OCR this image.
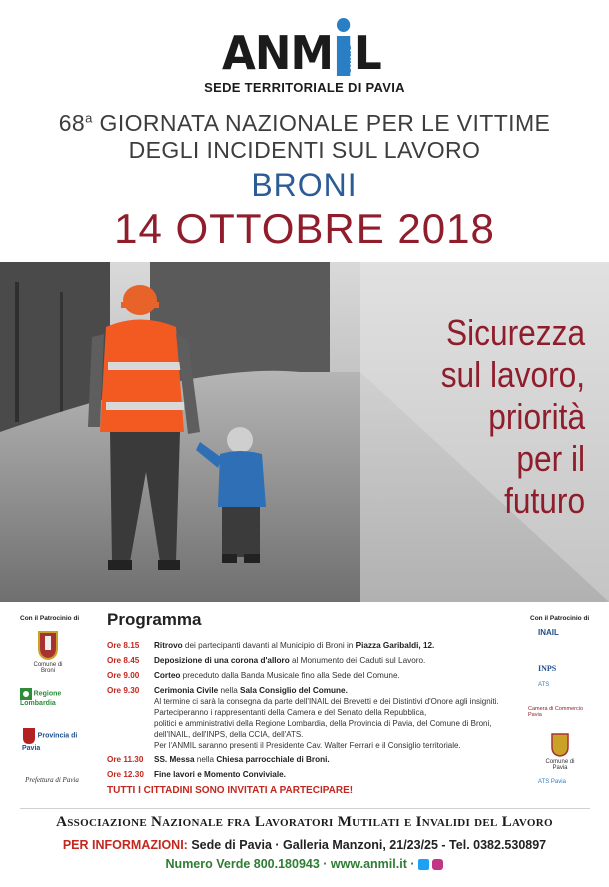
ANM L
onlus
SEDE TERRITORIALE DI PAVIA
68$^a$ GIORNATA NAZIONALE PER LE VITTIME
DEGLI INCIDENTI SUL LAVORO
BRONI
14 OTTOBRE 2018
Sicurezza
sul lavoro,
priorità
per il
futuro
Con il Patrocinio di
Comune di Broni
Regione Lombardia
Provincia di Pavia
Prefettura di Pavia
Programma
Ore 8.15 Ritrovo dei partecipanti davanti al Municipio di Broni in Piazza Garibaldi, 12.
Ore 8.45 Deposizione di una corona d'alloro al Monumento dei Caduti sul Lavoro.
Ore 9.00 Corteo preceduto dalla Banda Musicale fino alla Sede del Comune.
Ore 9.30 Cerimonia Civile nella Sala Consiglio del Comune.
Al termine ci sarà la consegna da parte dell'INAIL dei Brevetti e dei Distintivi d'Onore agli insigniti.
Parteciperanno i rappresentanti della Camera e del Senato della Repubblica,
politici e amministrativi della Regione Lombardia, della Provincia di Pavia, del Comune di Broni,
dell'INAIL, dell'INPS, della CCIA, dell'ATS.
Per l'ANMIL saranno presenti il Presidente Cav. Walter Ferrari e il Consiglio territoriale.
Ore 11.30 SS. Messa nella Chiesa parrocchiale di Broni.
Ore 12.30 Fine lavori e Momento Conviviale.
TUTTI I CITTADINI SONO INVITATI A PARTECIPARE!
Con il Patrocinio di
INAIL
INPS
ATS
Camera di Commercio Pavia
Comune di Pavia
ATS Pavia
Associazione Nazionale fra Lavoratori Mutilati e Invalidi del Lavoro
PER INFORMAZIONI: Sede di Pavia · Galleria Manzoni, 21/23/25 - Tel. 0382.530897
Numero Verde 800.180943 · www.anmil.it ·
